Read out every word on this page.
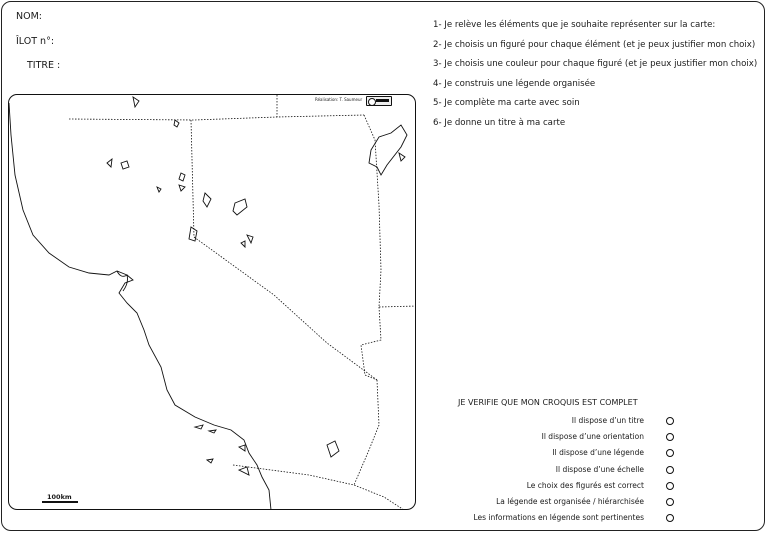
NOM:
ÎLOT n°:
TITRE :
1- Je relève les éléments que je souhaite représenter sur la carte:
2- Je choisis un figuré pour chaque élément (et je peux justifier mon choix)
3- Je choisis une couleur pour chaque figuré (et je peux justifier mon choix)
4- Je construis une légende organisée
5- Je complète ma carte avec soin
6- Je donne un titre à ma carte
Réalisation: T. Saumeur
100km
JE VERIFIE QUE MON CROQUIS EST COMPLET
Il dispose d’un titre
Il dispose d’une orientation
Il dispose d’une légende
Il dispose d’une échelle
Le choix des figurés est correct
La légende est organisée / hiérarchisée
Les informations en légende sont pertinentes
